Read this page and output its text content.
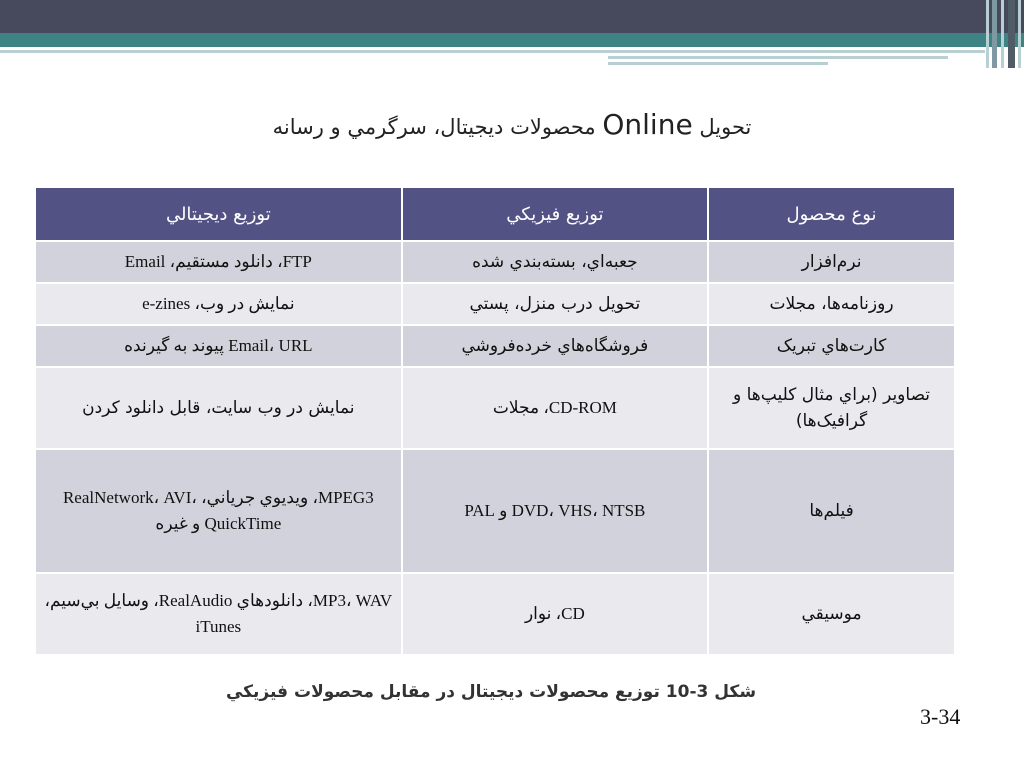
تحويل Online محصولات ديجيتال، سرگرمي و رسانه
نوع محصول	توزيع فيزيکي	توزيع ديجيتالي
نرم‌افزار	جعبه‌اي، بسته‌بندي شده	FTP، دانلود مستقيم، Email
روزنامه‌ها، مجلات	تحويل درب منزل، پستي	نمايش در وب، e-zines
کارت‌هاي تبريک	فروشگاه‌هاي خرده‌فروشي	Email، URL پيوند به گيرنده
تصاوير (براي مثال کليپ‌ها و گرافيک‌ها)	CD-ROM، مجلات	نمايش در وب سايت، قابل دانلود کردن
فيلم‌ها	DVD، VHS، NTSB و PAL	MPEG3، ويديوي جرياني، RealNetwork، AVI، QuickTime و غيره
موسيقي	CD، نوار	MP3، WAV، دانلودهاي RealAudio، وسايل بي‌سيم، iTunes
شکل 3-10 توزيع محصولات ديجيتال در مقابل محصولات فيزيکي
3-34
